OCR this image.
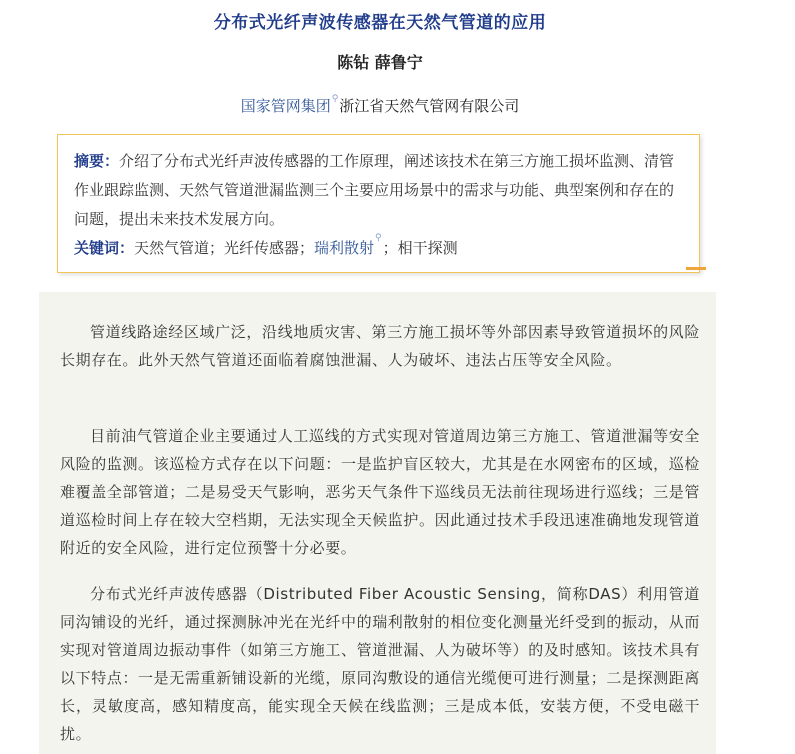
分布式光纤声波传感器在天然气管道的应用
陈钻 薛鲁宁
国家管网集团⚲浙江省天然气管网有限公司
摘要：介绍了分布式光纤声波传感器的工作原理，阐述该技术在第三方施工损坏监测、清管作业跟踪监测、天然气管道泄漏监测三个主要应用场景中的需求与功能、典型案例和存在的问题，提出未来技术发展方向。
关键词：天然气管道；光纤传感器；瑞利散射⚲；相干探测
管道线路途经区域广泛，沿线地质灾害、第三方施工损坏等外部因素导致管道损坏的风险长期存在。此外天然气管道还面临着腐蚀泄漏、人为破坏、违法占压等安全风险。
目前油气管道企业主要通过人工巡线的方式实现对管道周边第三方施工、管道泄漏等安全风险的监测。该巡检方式存在以下问题：一是监护盲区较大，尤其是在水网密布的区域，巡检难覆盖全部管道；二是易受天气影响，恶劣天气条件下巡线员无法前往现场进行巡线；三是管道巡检时间上存在较大空档期，无法实现全天候监护。因此通过技术手段迅速准确地发现管道附近的安全风险，进行定位预警十分必要。
分布式光纤声波传感器（Distributed Fiber Acoustic Sensing，简称DAS）利用管道同沟铺设的光纤，通过探测脉冲光在光纤中的瑞利散射的相位变化测量光纤受到的振动，从而实现对管道周边振动事件（如第三方施工、管道泄漏、人为破坏等）的及时感知。该技术具有以下特点：一是无需重新铺设新的光缆，原同沟敷设的通信光缆便可进行测量；二是探测距离长，灵敏度高，感知精度高，能实现全天候在线监测；三是成本低，安装方便，不受电磁干扰。
